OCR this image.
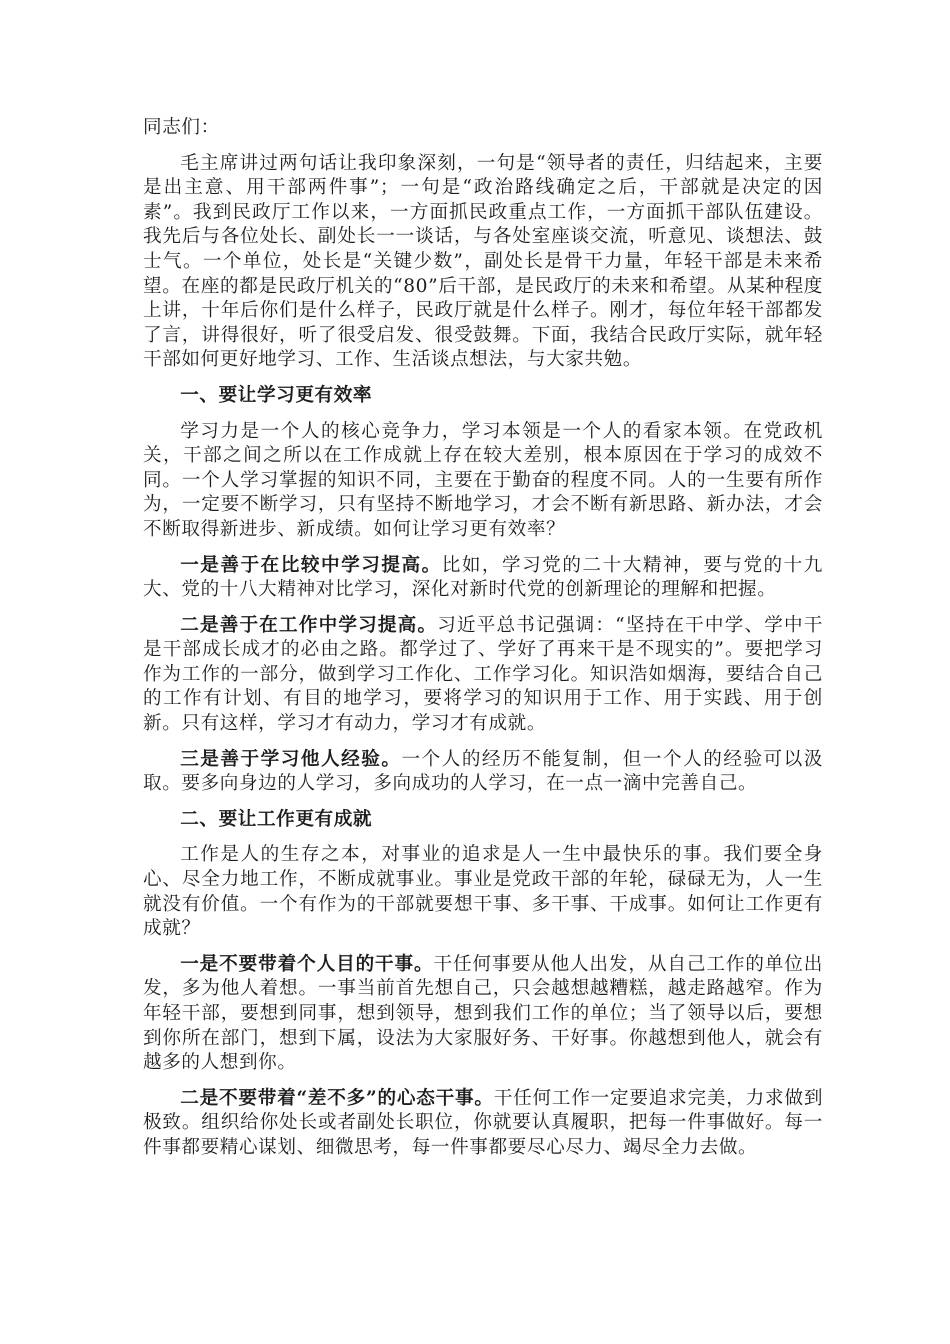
同志们：

毛主席讲过两句话让我印象深刻，一句是“领导者的责任，归结起来，主要是出主意、用干部两件事”；一句是“政治路线确定之后，干部就是决定的因素”。我到民政厅工作以来，一方面抓民政重点工作，一方面抓干部队伍建设。我先后与各位处长、副处长一一谈话，与各处室座谈交流，听意见、谈想法、鼓士气。一个单位，处长是“关键少数”，副处长是骨干力量，年轻干部是未来希望。在座的都是民政厅机关的“80”后干部，是民政厅的未来和希望。从某种程度上讲，十年后你们是什么样子，民政厅就是什么样子。刚才，每位年轻干部都发了言，讲得很好，听了很受启发、很受鼓舞。下面，我结合民政厅实际，就年轻干部如何更好地学习、工作、生活谈点想法，与大家共勉。

一、要让学习更有效率

学习力是一个人的核心竞争力，学习本领是一个人的看家本领。在党政机关，干部之间之所以在工作成就上存在较大差别，根本原因在于学习的成效不同。一个人学习掌握的知识不同，主要在于勤奋的程度不同。人的一生要有所作为，一定要不断学习，只有坚持不断地学习，才会不断有新思路、新办法，才会不断取得新进步、新成绩。如何让学习更有效率？

一是善于在比较中学习提高。比如，学习党的二十大精神，要与党的十九大、党的十八大精神对比学习，深化对新时代党的创新理论的理解和把握。

二是善于在工作中学习提高。习近平总书记强调：“坚持在干中学、学中干是干部成长成才的必由之路。都学过了、学好了再来干是不现实的”。要把学习作为工作的一部分，做到学习工作化、工作学习化。知识浩如烟海，要结合自己的工作有计划、有目的地学习，要将学习的知识用于工作、用于实践、用于创新。只有这样，学习才有动力，学习才有成就。

三是善于学习他人经验。一个人的经历不能复制，但一个人的经验可以汲取。要多向身边的人学习，多向成功的人学习，在一点一滴中完善自己。

二、要让工作更有成就

工作是人的生存之本，对事业的追求是人一生中最快乐的事。我们要全身心、尽全力地工作，不断成就事业。事业是党政干部的年轮，碌碌无为，人一生就没有价值。一个有作为的干部就要想干事、多干事、干成事。如何让工作更有成就？

一是不要带着个人目的干事。干任何事要从他人出发，从自己工作的单位出发，多为他人着想。一事当前首先想自己，只会越想越糟糕，越走路越窄。作为年轻干部，要想到同事，想到领导，想到我们工作的单位；当了领导以后，要想到你所在部门，想到下属，设法为大家服好务、干好事。你越想到他人，就会有越多的人想到你。

二是不要带着“差不多”的心态干事。干任何工作一定要追求完美，力求做到极致。组织给你处长或者副处长职位，你就要认真履职，把每一件事做好。每一件事都要精心谋划、细微思考，每一件事都要尽心尽力、竭尽全力去做。
